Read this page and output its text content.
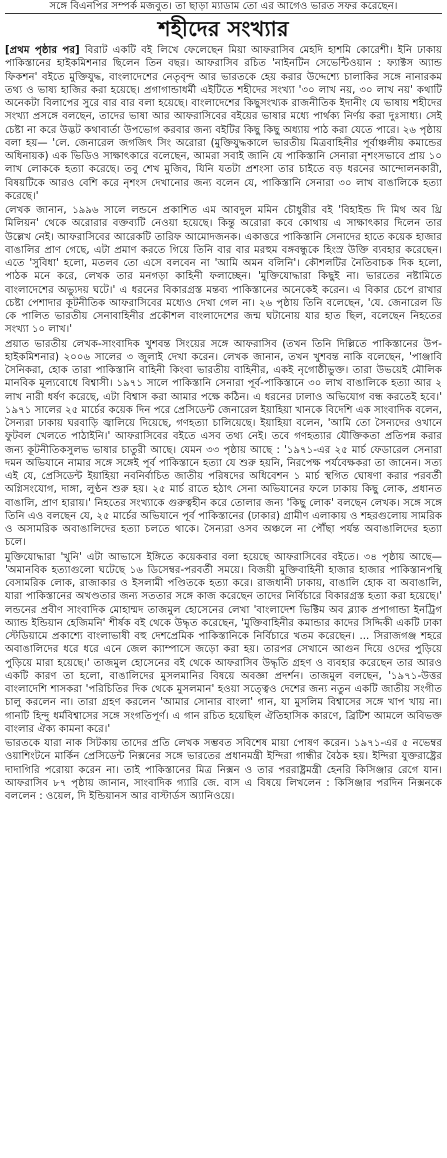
সঙ্গে বিএনপির সম্পর্ক মজবুত। তা ছাড়া ম্যাডাম তো এর আগেও ভারত সফর করেছেন।
শহীদের সংখ্যার

[প্রথম পৃষ্ঠার পর] বিরাট একটি বই লিখে ফেলেছেন মিয়া আফরাসিব মেহদি হাশমি কোরেশী। ইনি ঢাকায় পাকিস্তানের হাইকমিশনার ছিলেন তিন বছর। আফরাসিব রচিত 'নাইনটিন সেভেন্টিওয়ান : ফ্যাক্টস অ্যান্ড ফিকশন' বইতে মুক্তিযুদ্ধ, বাংলাদেশের নেতৃবৃন্দ আর ভারতকে হেয় করার উদ্দেশ্যে চালাকির সঙ্গে নানারকম তথ্য ও ভাষ্য হাজির করা হয়েছে। প্রগাগান্ডাধর্মী এইটিতে শহীদের সংখ্যা '৩০ লাখ নয়, ৩০ লাখ নয়' কথাটি অনেকটা বিলাপের সুরে বার বার বলা হয়েছে। বাংলাদেশের কিছুসংখ্যক রাজনীতিক ইদানীং যে ভাষায় শহীদের সংখ্যা প্রসঙ্গে বলছেন, তাদের ভাষা আর আফরাসিবের বইয়ের ভাষার মধ্যে পার্থক্য নির্ণয় করা দুঃসাধ্য। সেই চেষ্টা না করে উদ্ভট কথাবার্তা উপভোগ করবার জন্য বইটির কিছু কিছু অধ্যায় পাঠ করা যেতে পারে। ২৬ পৃষ্ঠায় বলা হয়— 'লে. জেনারেল জগজিৎ সিং অরোরা (মুক্তিযুদ্ধকালে ভারতীয় মিত্রবাহিনীর পূর্বাঞ্চলীয় কমান্ডের অধিনায়ক) এক ভিডিও সাক্ষাৎকারে বলেছেন, আমরা সবাই জানি যে পাকিস্তানি সেনারা নৃশংসভাবে প্রায় ১০ লাখ লোককে হত্যা করেছে। তবু শেখ মুজিব, যিনি যতটা প্রশংসা তার চাইতে বড় ধরনের আন্দোলনকারী, বিষয়টিকে আরও বেশি করে নৃশংস দেখানোর জন্য বলেন যে, পাকিস্তানি সেনারা ৩০ লাখ বাঙালিকে হত্যা করেছে।'

লেখক জানান, ১৯৯৬ সালে লন্ডনে প্রকাশিত এম আবদুল মমিন চৌধুরীর বই 'বিহাইন্ড দি মিথ অব থ্রি মিলিয়ন' থেকে অরোরার বক্তব্যটি নেওয়া হয়েছে। কিন্তু অরোরা কবে কোথায় এ সাক্ষাৎকার দিলেন তার উল্লেখ নেই। আফরাসিবের আরেকটি তারিফ আমোদজনক। একাত্তরে পাকিস্তানি সেনাদের হাতে কয়েক হাজার বাঙালির প্রাণ গেছে, এটা প্রমাণ করতে গিয়ে তিনি বার বার মরহুম বঙ্গবন্ধুকে হিংস্র উক্তি ব্যবহার করেছেন। এতে 'সুবিধা' হলো, মতলব তো এসে বলবেন না 'আমি অমন বলিনি'। কৌশলটির নৈতিবাচক দিক হলো, পাঠক মনে করে, লেখক তার মনগড়া কাহিনী ফলাচ্ছেন। 'মুক্তিযোদ্ধারা কিছুই না। ভারতের নষ্টামিতে বাংলাদেশের অভ্যুদয় ঘটে।' এ ধরনের বিকারগ্রস্ত মন্তব্য পাকিস্তানের অনেকেই করেন। এ বিকার চেপে রাখার চেষ্টা পেশাদার কূটনীতিক আফরাসিবের মধ্যেও দেখা গেল না। ২৬ পৃষ্ঠায় তিনি বলেছেন, 'যে. জেনারেল ডি কে পালিত ভারতীয় সেনাবাহিনীর প্রকৌশল বাংলাদেশের জন্ম ঘটানোয় যার হাত ছিল, বলেছেন নিহতের সংখ্যা ১০ লাখ।'

প্রয়াত ভারতীয় লেখক-সাংবাদিক খুশবন্ত সিংয়ের সঙ্গে আফরাসিব (তখন তিনি দিল্লিতে পাকিস্তানের উপ-হাইকমিশনার) ২০০৬ সালের ৩ জুলাই দেখা করেন। লেখক জানান, তখন খুশবন্ত নাকি বলেছেন, 'পাঞ্জাবি সৈনিকরা, হোক তারা পাকিস্তানি বাহিনী কিংবা ভারতীয় বাহিনীর, একই নৃগোষ্ঠীভুক্ত। তারা উভয়েই মৌলিক মানবিক মূল্যবোধে বিশ্বাসী। ১৯৭১ সালে পাকিস্তানি সেনারা পূর্ব-পাকিস্তানে ৩০ লাখ বাঙালিকে হত্যা আর ২ লাখ নারী ধর্ষণ করেছে, এটা বিশ্বাস করা আমার পক্ষে কঠিন। এ ধরনের ঢালাও অভিযোগ বন্ধ করতেই হবে।' ১৯৭১ সালের ২৫ মার্চের কয়েক দিন পরে প্রেসিডেন্ট জেনারেল ইয়াহিয়া খানকে বিদেশি এক সাংবাদিক বলেন, সৈন্যরা ঢাকায় ঘরবাড়ি জ্বালিয়ে দিয়েছে, গণহত্যা চালিয়েছে। ইয়াহিয়া বলেন, 'আমি তো সৈন্যদের ওখানে ফুটবল খেলতে পাঠাইনি।' আফরাসিবের বইতে এসব তথ্য নেই। তবে গণহত্যার যৌক্তিকতা প্রতিপন্ন করার জন্য কূটনীতিকসুলভ ভাষার চাতুরী আছে। যেমন ৩৩ পৃষ্ঠায় আছে : '১৯৭১-এর ২৫ মার্চ ফেডারেল সেনারা দমন অভিযানে নামার সঙ্গে সঙ্গেই পূর্ব পাকিস্তানে হত্যা যে শুরু হয়নি, নিরপেক্ষ পর্যবেক্ষকরা তা জানেন। সত্য এই যে, প্রেসিডেন্ট ইয়াহিয়া নবনির্বাচিত জাতীয় পরিষদের অধিবেশন ১ মার্চ স্থগিত ঘোষণা করার পরবর্তী অগ্নিসংযোগ, দাঙ্গা, লুণ্ঠন শুরু হয়। ২৫ মার্চ রাতে হঠাৎ সেনা অভিযানের ফলে ঢাকায় কিছু লোক, প্রধানত বাঙালি, প্রাণ হারায়।' নিহতের সংখ্যাকে গুরুত্বহীন করে তোলার জন্য 'কিছু লোক' বলছেন লেখক। সঙ্গে সঙ্গে তিনি এও বলছেন যে, ২৫ মার্চের অভিযানে পূর্ব পাকিস্তানের (ঢাকার) গ্রামীণ এলাকায় ও শহরগুলোয় সামরিক ও অসামরিক অবাঙালিদের হত্যা চলতে থাকে। সৈন্যরা ওসব অঞ্চলে না পৌঁছা পর্যন্ত অবাঙালিদের হত্যা চলে।

মুক্তিযোদ্ধারা 'খুনি' এটা আভাসে ইঙ্গিতে কয়েকবার বলা হয়েছে আফরাসিবের বইতে। ৩৪ পৃষ্ঠায় আছে— 'অমানবিক হত্যাগুলো ঘটেছে ১৬ ডিসেম্বর-পরবর্তী সময়ে। বিজয়ী মুক্তিবাহিনী হাজার হাজার পাকিস্তানপন্থি বেসামরিক লোক, রাজাকার ও ইসলামী পণ্ডিতকে হত্যা করে। রাজধানী ঢাকায়, বাঙালি হোক বা অবাঙালি, যারা পাকিস্তানের অখণ্ডতার জন্য সততার সঙ্গে কাজ করেছেন তাদের নির্বিচারে বিকারগ্রস্ত হত্যা করা হয়েছে।' লন্ডনের প্রবীণ সাংবাদিক মোহাম্মদ তাজমুল হোসেনের লেখা 'বাংলাদেশ ভিক্টিম অব ব্ল্যাক প্রপাগান্ডা ইনট্রিগ অ্যান্ড ইন্ডিয়ান হেজিমনি' শীর্ষক বই থেকে উদ্ধৃত করেছেন, 'মুক্তিবাহিনীর কমান্ডার কাদের সিদ্দিকী একটি ঢাকা স্টেডিয়ামে প্রকাশ্যে বাংলাভাষী বহু দেশপ্রেমিক পাকিস্তানিকে নির্বিচারে খতম করেছেন। ... সিরাজগঞ্জ শহরে অবাঙালিদের ধরে ধরে এনে জেল ক্যাম্পাসে জড়ো করা হয়। তারপর সেখানে আগুন দিয়ে ওদের পুড়িয়ে পুড়িয়ে মারা হয়েছে।' তাজমুল হোসেনের বই থেকে আফরাসিব উদ্ধৃতি গ্রহণ ও ব্যবহার করেছেন তার আরও একটি কারণ তা হলো, বাঙালিদের মুসলমানির বিষয়ে অবজ্ঞা প্রদর্শন। তাজমুল বলছেন, '১৯৭১-উত্তর বাংলাদেশি শাসকরা 'পরিচিতির দিক থেকে মুসলমান' হওয়া সত্ত্বেও দেশের জন্য নতুন একটি জাতীয় সংগীত চালু করলেন না। তারা গ্রহণ করলেন 'আমার সোনার বাংলা' গান, যা মুসলিম বিশ্বাসের সঙ্গে খাপ খায় না। গানটি হিন্দু ধর্মবিশ্বাসের সঙ্গে সংগতিপূর্ণ। এ গান রচিত হয়েছিল ঐতিহাসিক কারণে, ব্রিটিশ আমলে অবিভক্ত বাংলার ঐক্য কামনা করে।'

ভারতকে যারা নাক সিটকায় তাদের প্রতি লেখক সম্ভবত সবিশেষ মায়া পোষণ করেন। ১৯৭১-এর ৫ নভেম্বর ওয়াশিংটনে মার্কিন প্রেসিডেন্ট নিক্সনের সঙ্গে ভারতের প্রধানমন্ত্রী ইন্দিরা গান্ধীর বৈঠক হয়। ইন্দিরা যুক্তরাষ্ট্রের দাদাগিরি পরোয়া করেন না। তাই পাকিস্তানের মিত্র নিক্সন ও তার পররাষ্ট্রমন্ত্রী হেনরি কিসিঞ্জার রেগে যান। আফরাসিব ৮৭ পৃষ্ঠায় জানান, সাংবাদিক গ্যারি জে. বাস এ বিষয়ে লিখলেন : কিসিঞ্জার পরদিন নিক্সনকে বললেন : ওয়েল, দি ইন্ডিয়ানস আর বাস্টার্ডস অ্যানিওয়ে।
